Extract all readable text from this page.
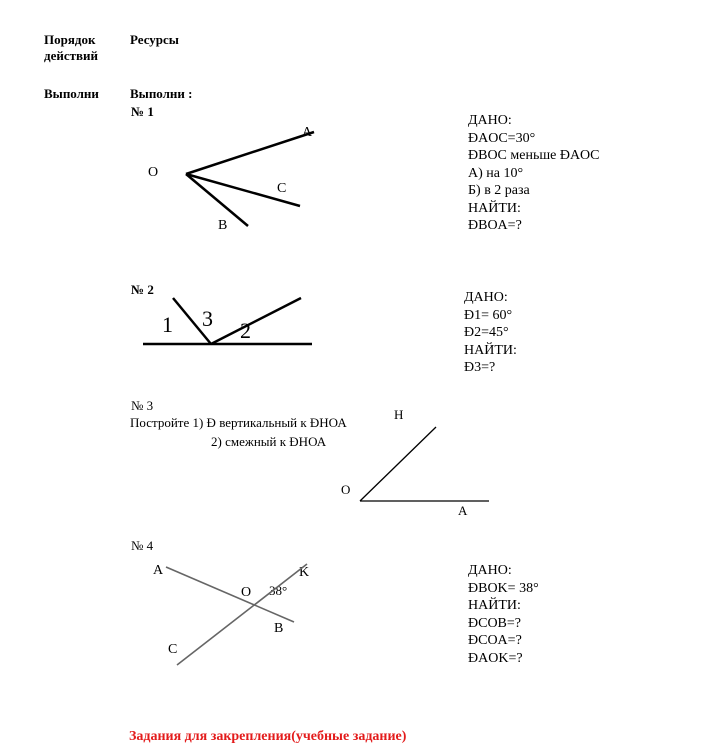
Порядок
действий
Ресурсы
Выполни Выполни :
№ 1
O
A
C
B
ДАНО:
ÐAOC=30°
ÐBOC меньше ÐAOC
А) на 10°
Б) в 2 раза
НАЙТИ:
ÐBOA=?
№ 2
1 3 2
ДАНО:
Ð1= 60°
Ð2=45°
НАЙТИ:
Ð3=?
№ 3
Постройте 1) Ð вертикальный к ÐНОА
2) смежный к ÐНОА
Н
O
А
№ 4
A	K
O 38°
B
C
ДАНО:
ÐBOK= 38°
НАЙТИ:
ÐCOB=?
ÐCOA=?
ÐAOK=?
Задания для закрепления(учебные задание)
